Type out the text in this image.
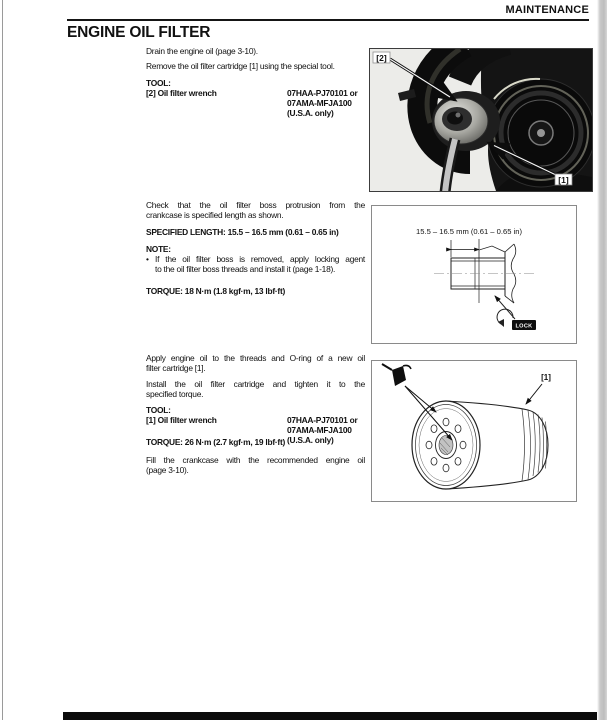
MAINTENANCE
ENGINE OIL FILTER
Drain the engine oil (page 3-10).
Remove the oil filter cartridge [1] using the special tool.
TOOL:
[2] Oil filter wrench	07HAA-PJ70101 or
07AMA-MFJA100
(U.S.A. only)
Check that the oil filter boss protrusion from the
crankcase is specified length as shown.
SPECIFIED LENGTH: 15.5 – 16.5 mm (0.61 – 0.65 in)
NOTE:
• If the oil filter boss is removed, apply locking agent
to the oil filter boss threads and install it (page 1-18).
TORQUE: 18 N·m (1.8 kgf·m, 13 lbf·ft)
Apply engine oil to the threads and O-ring of a new oil
filter cartridge [1].
Install the oil filter cartridge and tighten it to the
specified torque.
TOOL:
[1] Oil filter wrench	07HAA-PJ70101 or
07AMA-MFJA100
(U.S.A. only)
TORQUE: 26 N·m (2.7 kgf·m, 19 lbf·ft)
Fill the crankcase with the recommended engine oil
(page 3-10).
[2]
[1]
15.5 – 16.5 mm (0.61 – 0.65 in)
LOCK
[1]
